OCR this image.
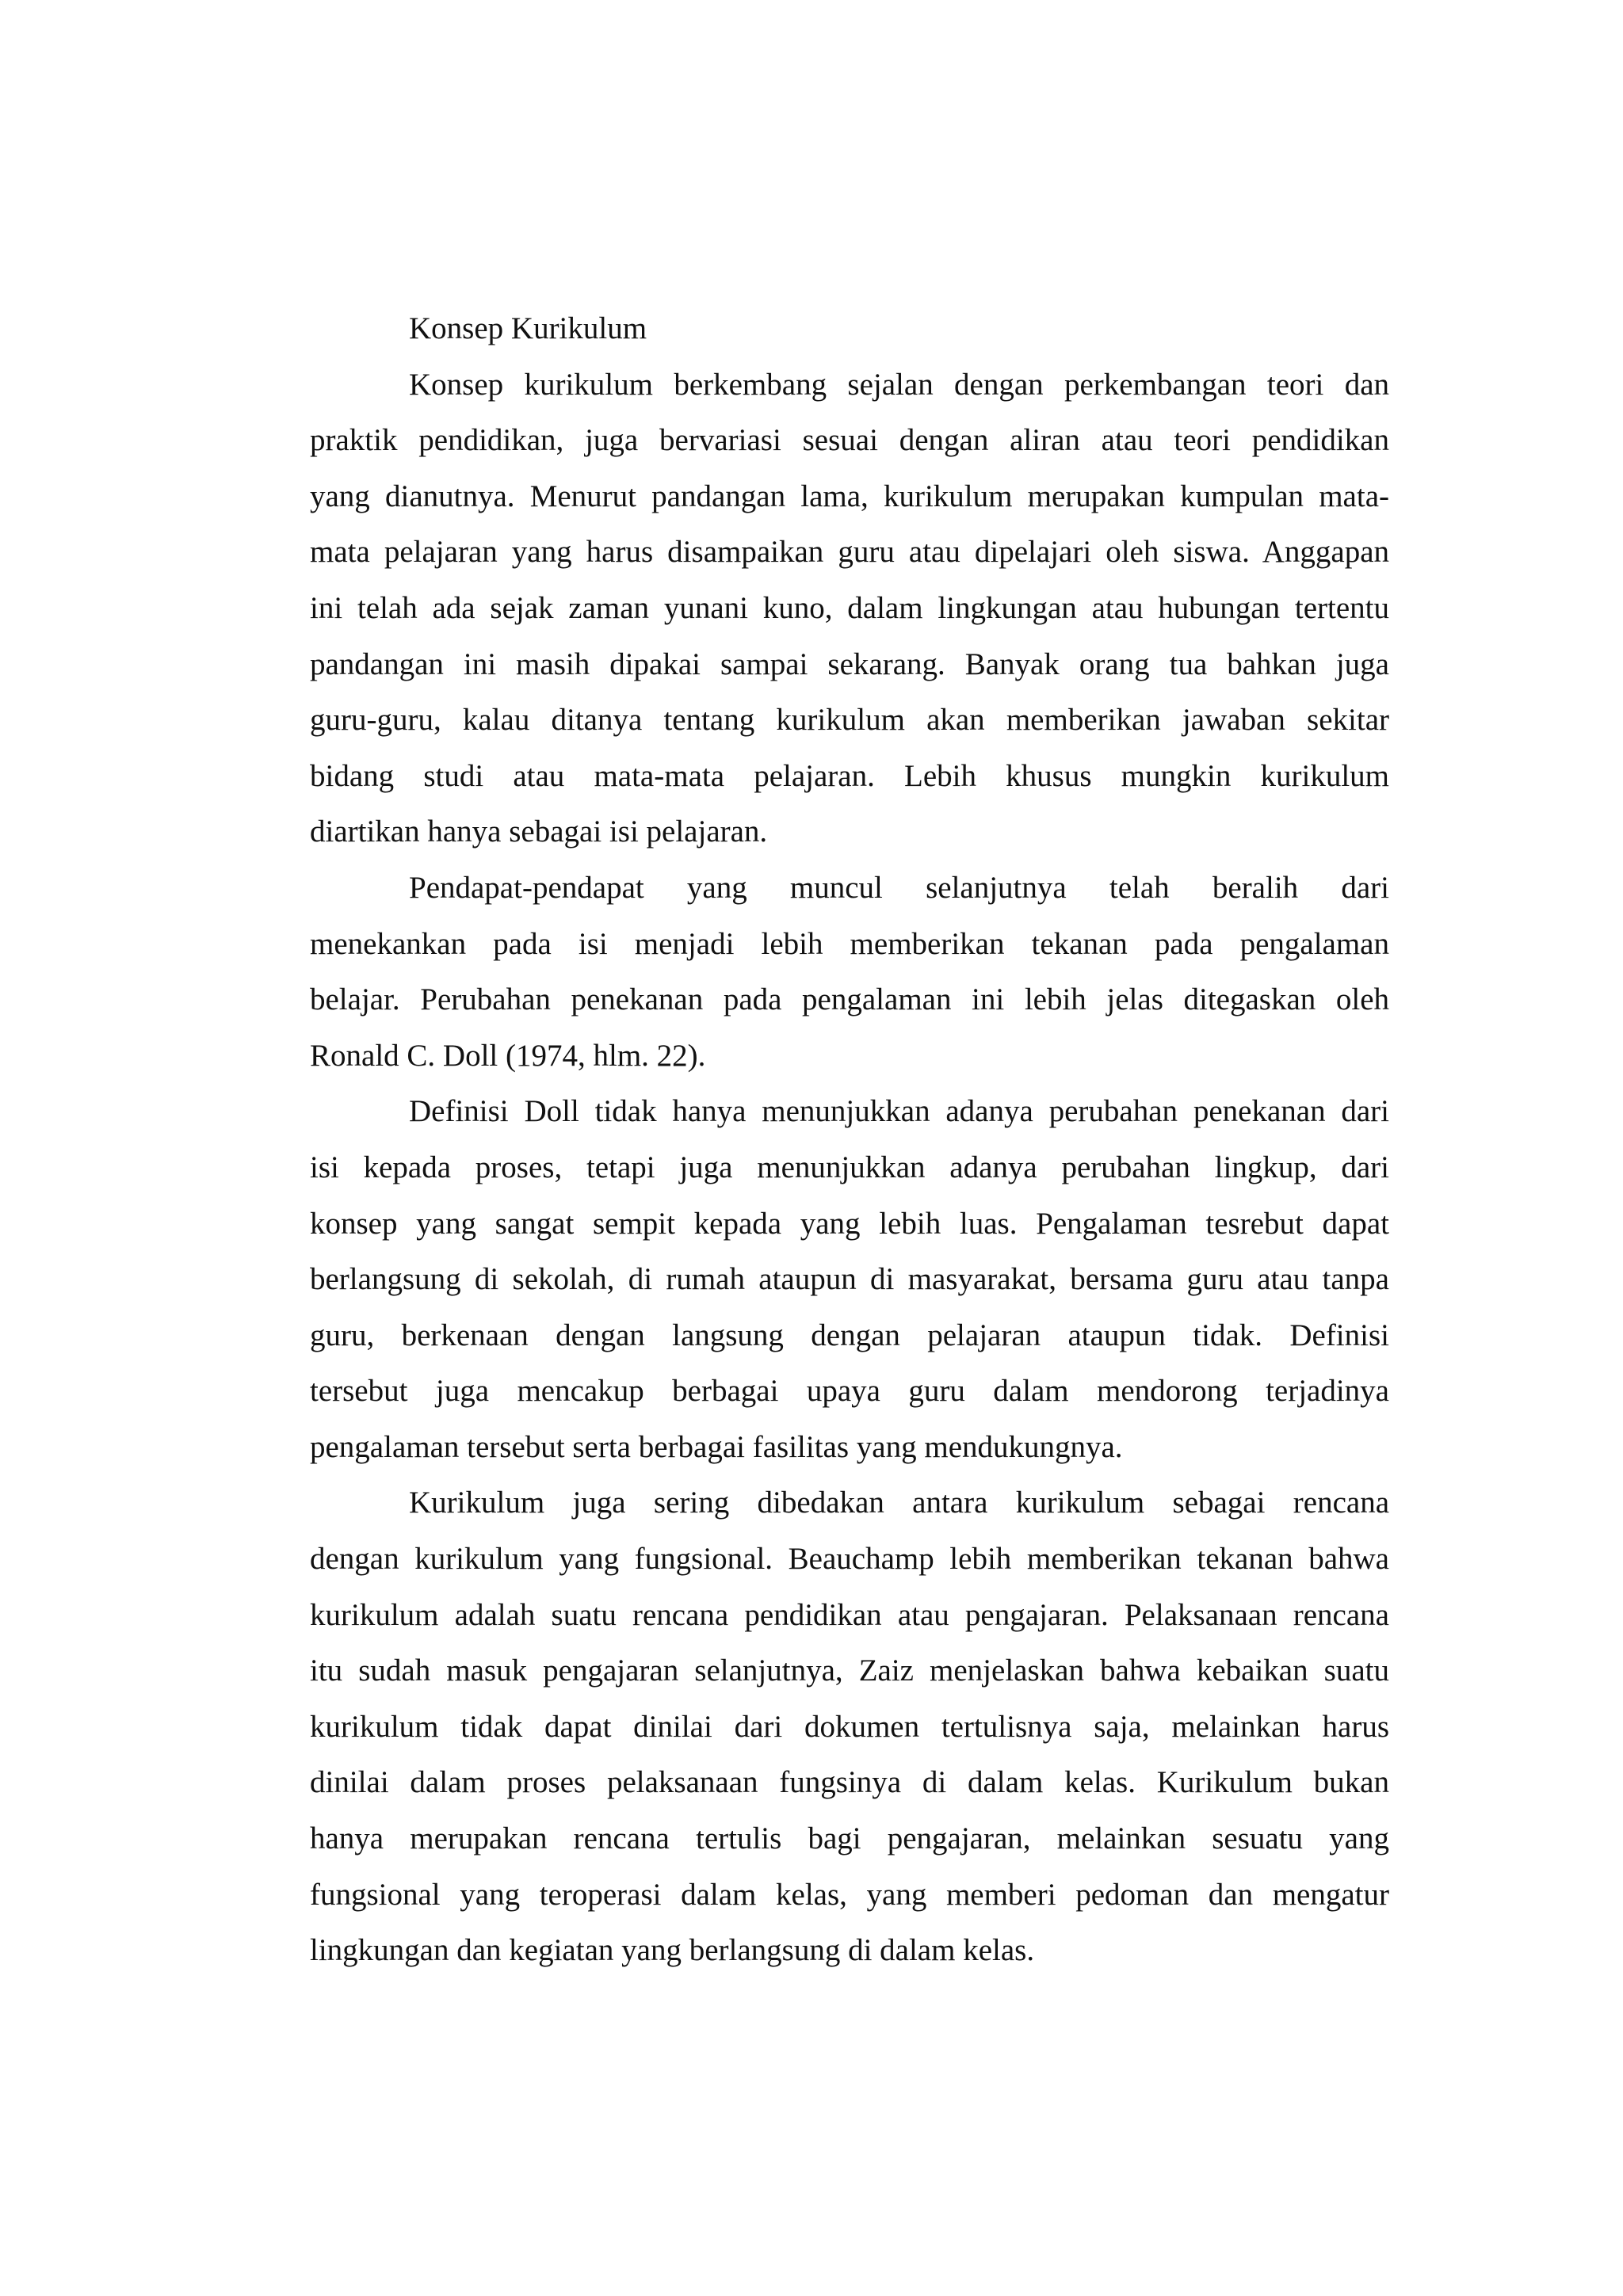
Konsep Kurikulum
Konsep kurikulum berkembang sejalan dengan perkembangan teori dan
praktik pendidikan, juga bervariasi sesuai dengan aliran atau teori pendidikan
yang dianutnya. Menurut pandangan lama, kurikulum merupakan kumpulan mata-
mata pelajaran yang harus disampaikan guru atau dipelajari oleh siswa. Anggapan
ini telah ada sejak zaman yunani kuno, dalam lingkungan atau hubungan tertentu
pandangan ini masih dipakai sampai sekarang. Banyak orang tua bahkan juga
guru-guru, kalau ditanya tentang kurikulum akan memberikan jawaban sekitar
bidang studi atau mata-mata pelajaran. Lebih khusus mungkin kurikulum
diartikan hanya sebagai isi pelajaran.
Pendapat-pendapat yang muncul selanjutnya telah beralih dari
menekankan pada isi menjadi lebih memberikan tekanan pada pengalaman
belajar. Perubahan penekanan pada pengalaman ini lebih jelas ditegaskan oleh
Ronald C. Doll (1974, hlm. 22).
Definisi Doll tidak hanya menunjukkan adanya perubahan penekanan dari
isi kepada proses, tetapi juga menunjukkan adanya perubahan lingkup, dari
konsep yang sangat sempit kepada yang lebih luas. Pengalaman tesrebut dapat
berlangsung di sekolah, di rumah ataupun di masyarakat, bersama guru atau tanpa
guru, berkenaan dengan langsung dengan pelajaran ataupun tidak. Definisi
tersebut juga mencakup berbagai upaya guru dalam mendorong terjadinya
pengalaman tersebut serta berbagai fasilitas yang mendukungnya.
Kurikulum juga sering dibedakan antara kurikulum sebagai rencana
dengan kurikulum yang fungsional. Beauchamp lebih memberikan tekanan bahwa
kurikulum adalah suatu rencana pendidikan atau pengajaran. Pelaksanaan rencana
itu sudah masuk pengajaran selanjutnya, Zaiz menjelaskan bahwa kebaikan suatu
kurikulum tidak dapat dinilai dari dokumen tertulisnya saja, melainkan harus
dinilai dalam proses pelaksanaan fungsinya di dalam kelas. Kurikulum bukan
hanya merupakan rencana tertulis bagi pengajaran, melainkan sesuatu yang
fungsional yang teroperasi dalam kelas, yang memberi pedoman dan mengatur
lingkungan dan kegiatan yang berlangsung di dalam kelas.
